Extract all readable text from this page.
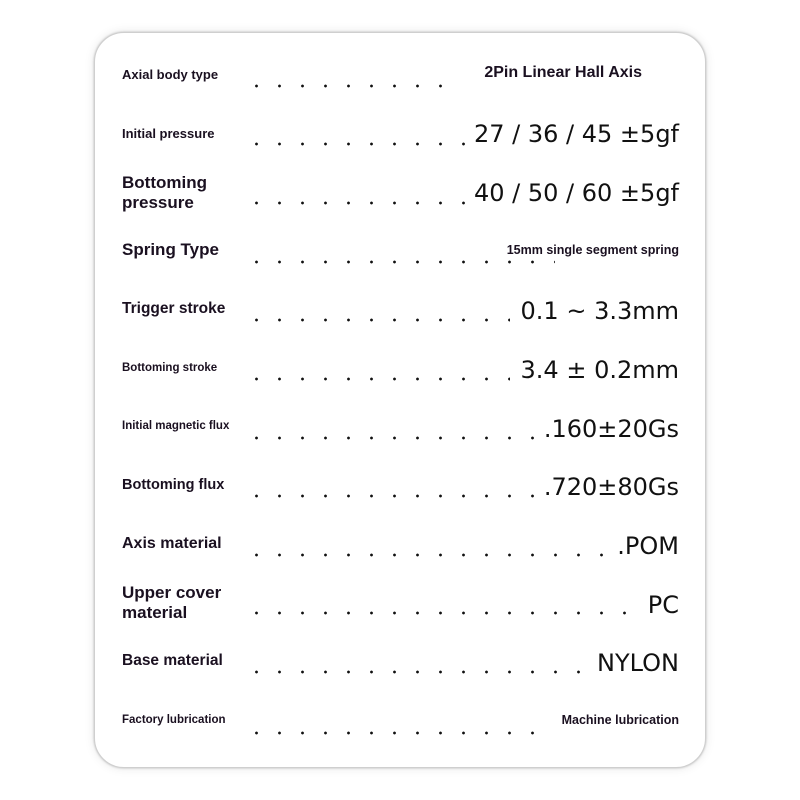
Axial body type	2Pin Linear Hall Axis
Initial pressure	27 / 36 / 45 ±5gf
Bottoming pressure	40 / 50 / 60 ±5gf
Spring Type	15mm single segment spring
Trigger stroke	0.1 ~ 3.3mm
Bottoming stroke	3.4 ± 0.2mm
Initial magnetic flux	.160±20Gs
Bottoming flux	.720±80Gs
Axis material	.POM
Upper cover material	PC
Base material	NYLON
Factory lubrication	Machine lubrication
